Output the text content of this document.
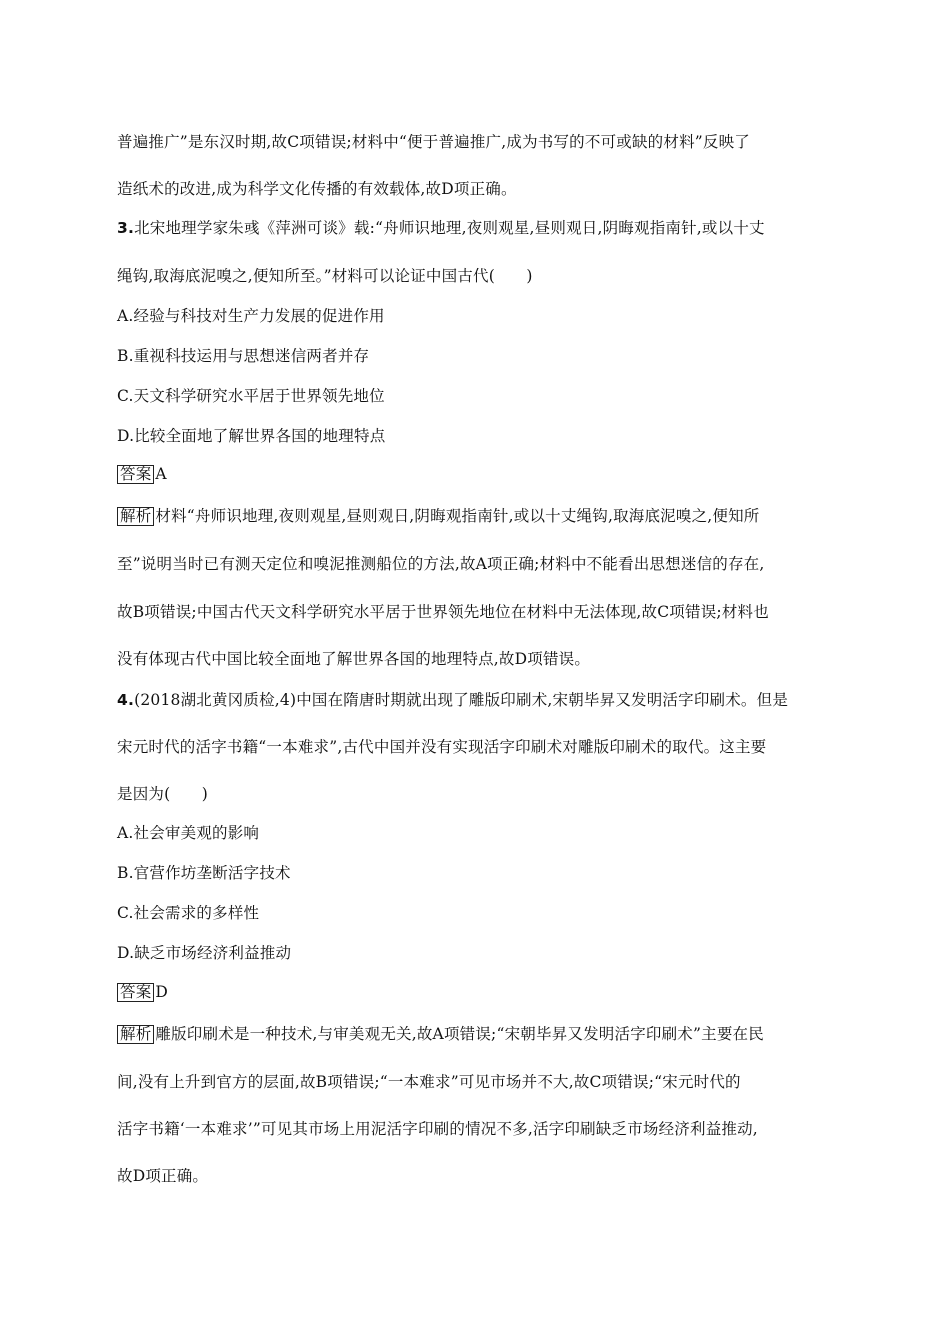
普遍推广”是东汉时期,故C项错误;材料中“便于普遍推广,成为书写的不可或缺的材料”反映了
造纸术的改进,成为科学文化传播的有效载体,故D项正确。
3.北宋地理学家朱彧《萍洲可谈》载:“舟师识地理,夜则观星,昼则观日,阴晦观指南针,或以十丈
绳钩,取海底泥嗅之,便知所至。”材料可以论证中国古代(　　)
A.经验与科技对生产力发展的促进作用
B.重视科技运用与思想迷信两者并存
C.天文科学研究水平居于世界领先地位
D.比较全面地了解世界各国的地理特点
答案 A
解析 材料“舟师识地理,夜则观星,昼则观日,阴晦观指南针,或以十丈绳钩,取海底泥嗅之,便知所
至”说明当时已有测天定位和嗅泥推测船位的方法,故A项正确;材料中不能看出思想迷信的存在,
故B项错误;中国古代天文科学研究水平居于世界领先地位在材料中无法体现,故C项错误;材料也
没有体现古代中国比较全面地了解世界各国的地理特点,故D项错误。
4.(2018湖北黄冈质检,4)中国在隋唐时期就出现了雕版印刷术,宋朝毕昇又发明活字印刷术。但是
宋元时代的活字书籍“一本难求”,古代中国并没有实现活字印刷术对雕版印刷术的取代。这主要
是因为(　　)
A.社会审美观的影响
B.官营作坊垄断活字技术
C.社会需求的多样性
D.缺乏市场经济利益推动
答案 D
解析 雕版印刷术是一种技术,与审美观无关,故A项错误;“宋朝毕昇又发明活字印刷术”主要在民
间,没有上升到官方的层面,故B项错误;“一本难求”可见市场并不大,故C项错误;“宋元时代的
活字书籍‘一本难求’”可见其市场上用泥活字印刷的情况不多,活字印刷缺乏市场经济利益推动,
故D项正确。
